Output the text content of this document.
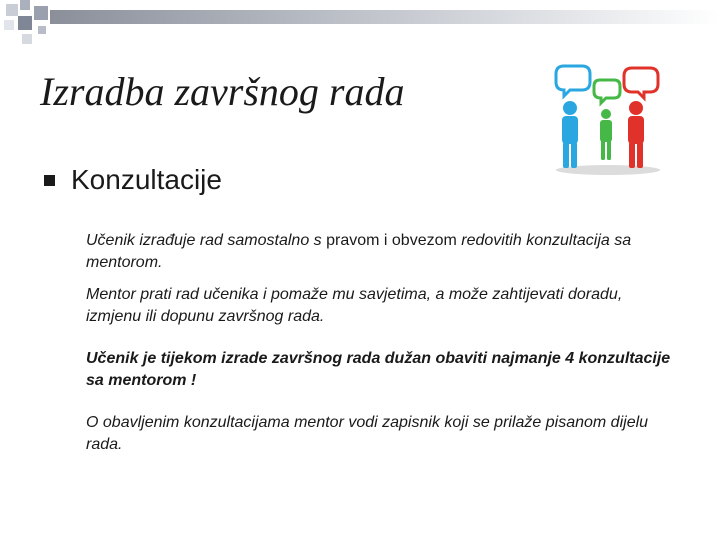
Izradba završnog rada
Konzultacije
Učenik izrađuje rad samostalno s pravom i obvezom redovitih konzultacija sa mentorom.
Mentor prati rad učenika i pomaže mu savjetima, a može zahtijevati doradu, izmjenu ili dopunu završnog rada.
Učenik je tijekom izrade završnog rada dužan obaviti najmanje 4 konzultacije sa mentorom !
O obavljenim konzultacijama mentor vodi zapisnik koji se prilaže pisanom dijelu rada.
